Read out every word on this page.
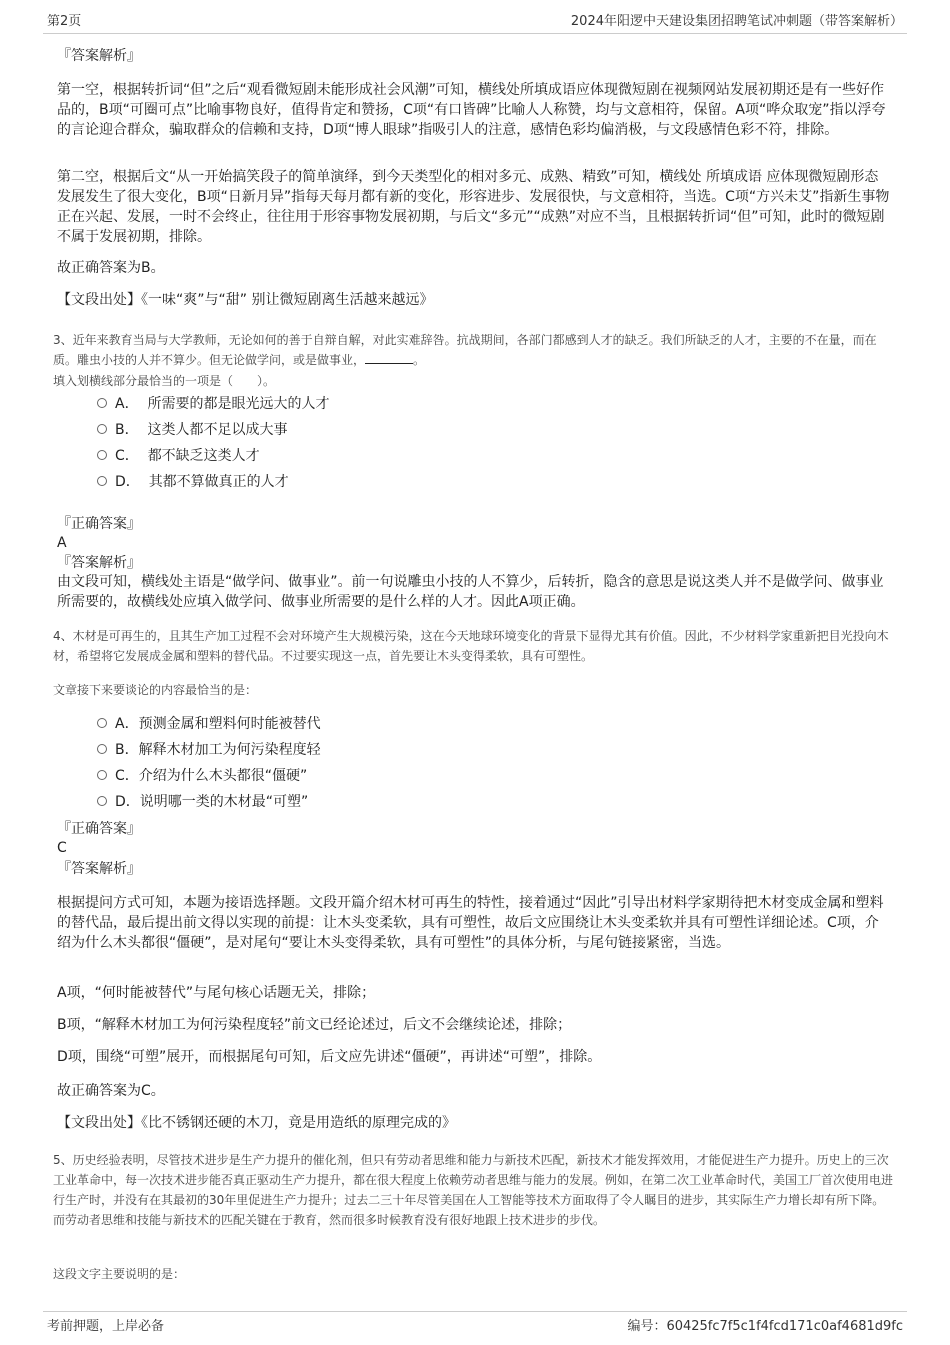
第2页	2024年阳逻中天建设集团招聘笔试冲刺题（带答案解析）
『答案解析』
第一空，根据转折词“但”之后“观看微短剧未能形成社会风潮”可知，横线处所填成语应体现微短剧在视频网站发展初期还是有一些好作品的，B项“可圈可点”比喻事物良好，值得肯定和赞扬，C项“有口皆碑”比喻人人称赞，均与文意相符，保留。A项“哗众取宠”指以浮夸的言论迎合群众，骗取群众的信赖和支持，D项“博人眼球”指吸引人的注意，感情色彩均偏消极，与文段感情色彩不符，排除。
第二空，根据后文“从一开始搞笑段子的简单演绎，到今天类型化的相对多元、成熟、精致”可知，横线处 所填成语 应体现微短剧形态发展发生了很大变化，B项“日新月异”指每天每月都有新的变化，形容进步、发展很快，与文意相符，当选。C项“方兴未艾”指新生事物正在兴起、发展，一时不会终止，往往用于形容事物发展初期，与后文“多元”“成熟”对应不当，且根据转折词“但”可知，此时的微短剧不属于发展初期，排除。
故正确答案为B。
【文段出处】《一味“爽”与“甜” 别让微短剧离生活越来越远》
3、近年来教育当局与大学教师，无论如何的善于自辩自解，对此实难辞咎。抗战期间，各部门都感到人才的缺乏。我们所缺乏的人才，主要的不在量，而在质。雕虫小技的人并不算少。但无论做学问，或是做事业，	。
填入划横线部分最恰当的一项是（　　）。
A． 所需要的都是眼光远大的人才
B． 这类人都不足以成大事
C． 都不缺乏这类人才
D． 其都不算做真正的人才
『正确答案』
A
『答案解析』
由文段可知，横线处主语是“做学问、做事业”。前一句说雕虫小技的人不算少，后转折，隐含的意思是说这类人并不是做学问、做事业所需要的，故横线处应填入做学问、做事业所需要的是什么样的人才。因此A项正确。
4、木材是可再生的，且其生产加工过程不会对环境产生大规模污染，这在今天地球环境变化的背景下显得尤其有价值。因此，不少材料学家重新把目光投向木材，希望将它发展成金属和塑料的替代品。不过要实现这一点，首先要让木头变得柔软，具有可塑性。
文章接下来要谈论的内容最恰当的是：
A．预测金属和塑料何时能被替代
B．解释木材加工为何污染程度轻
C．介绍为什么木头都很“僵硬”
D．说明哪一类的木材最“可塑”
『正确答案』
C
『答案解析』
根据提问方式可知，本题为接语选择题。文段开篇介绍木材可再生的特性，接着通过“因此”引导出材料学家期待把木材变成金属和塑料的替代品，最后提出前文得以实现的前提：让木头变柔软，具有可塑性，故后文应围绕让木头变柔软并具有可塑性详细论述。C项，介绍为什么木头都很“僵硬”，是对尾句“要让木头变得柔软，具有可塑性”的具体分析，与尾句链接紧密，当选。
A项，“何时能被替代”与尾句核心话题无关，排除；
B项，“解释木材加工为何污染程度轻”前文已经论述过，后文不会继续论述，排除；
D项，围绕“可塑”展开，而根据尾句可知，后文应先讲述“僵硬”，再讲述“可塑”，排除。
故正确答案为C。
【文段出处】《比不锈钢还硬的木刀，竟是用造纸的原理完成的》
5、历史经验表明，尽管技术进步是生产力提升的催化剂，但只有劳动者思维和能力与新技术匹配，新技术才能发挥效用，才能促进生产力提升。历史上的三次工业革命中，每一次技术进步能否真正驱动生产力提升，都在很大程度上依赖劳动者思维与能力的发展。例如，在第二次工业革命时代，美国工厂首次使用电进行生产时，并没有在其最初的30年里促进生产力提升；过去二三十年尽管美国在人工智能等技术方面取得了令人瞩目的进步，其实际生产力增长却有所下降。而劳动者思维和技能与新技术的匹配关键在于教育，然而很多时候教育没有很好地跟上技术进步的步伐。
这段文字主要说明的是：
考前押题，上岸必备	编号：60425fc7f5c1f4fcd171c0af4681d9fc
